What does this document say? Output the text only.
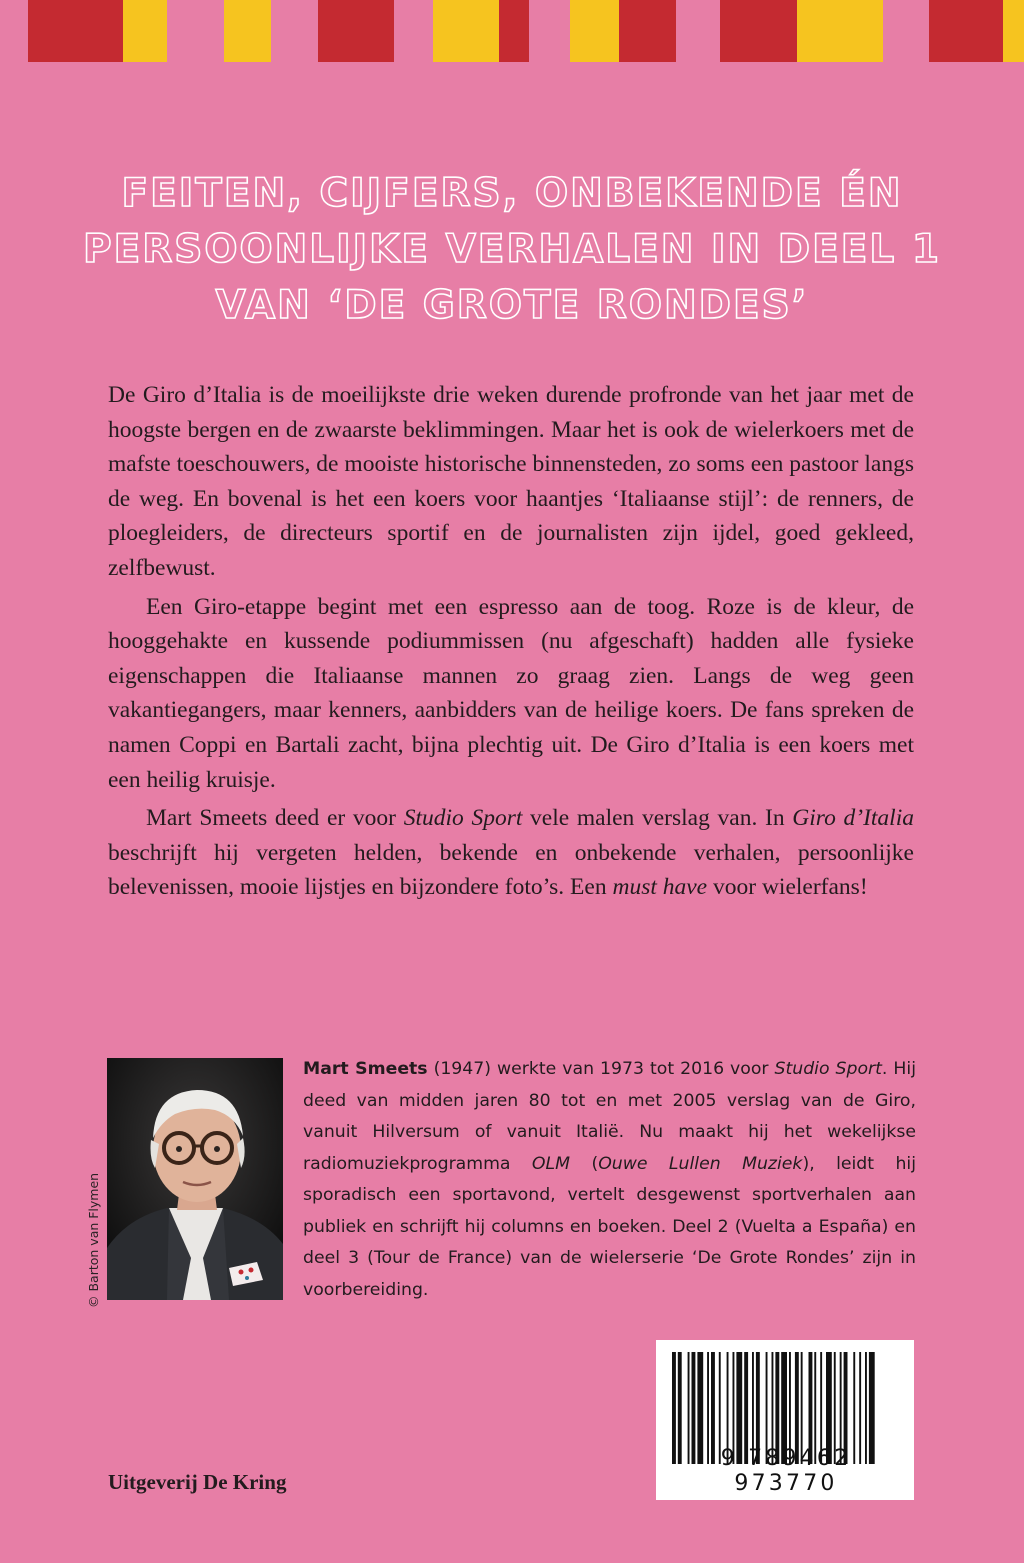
FEITEN, CIJFERS, ONBEKENDE ÉN PERSOONLIJKE VERHALEN IN DEEL 1 VAN ‘DE GROTE RONDES’

De Giro d’Italia is de moeilijkste drie weken durende profronde van het jaar met de hoogste bergen en de zwaarste beklimmingen. Maar het is ook de wielerkoers met de mafste toeschouwers, de mooiste historische binnensteden, zo soms een pastoor langs de weg. En bovenal is het een koers voor haantjes ‘Italiaanse stijl’: de renners, de ploegleiders, de directeurs sportif en de journalisten zijn ijdel, goed gekleed, zelfbewust.

Een Giro-etappe begint met een espresso aan de toog. Roze is de kleur, de hooggehakte en kussende podiummissen (nu afgeschaft) hadden alle fysieke eigenschappen die Italiaanse mannen zo graag zien. Langs de weg geen vakantiegangers, maar kenners, aanbidders van de heilige koers. De fans spreken de namen Coppi en Bartali zacht, bijna plechtig uit. De Giro d’Italia is een koers met een heilig kruisje.

Mart Smeets deed er voor Studio Sport vele malen verslag van. In Giro d’Italia beschrijft hij vergeten helden, bekende en onbekende verhalen, persoonlijke belevenissen, mooie lijstjes en bijzondere foto’s. Een must have voor wielerfans!

© Barton van Flymen

Mart Smeets (1947) werkte van 1973 tot 2016 voor Studio Sport. Hij deed van midden jaren 80 tot en met 2005 verslag van de Giro, vanuit Hilversum of vanuit Italië. Nu maakt hij het wekelijkse radiomuziekprogramma OLM (Ouwe Lullen Muziek), leidt hij sporadisch een sportavond, vertelt desgewenst sportverhalen aan publiek en schrijft hij columns en boeken. Deel 2 (Vuelta a España) en deel 3 (Tour de France) van de wielerserie ‘De Grote Rondes’ zijn in voorbereiding.

9 789462 973770
Uitgeverij De Kring
